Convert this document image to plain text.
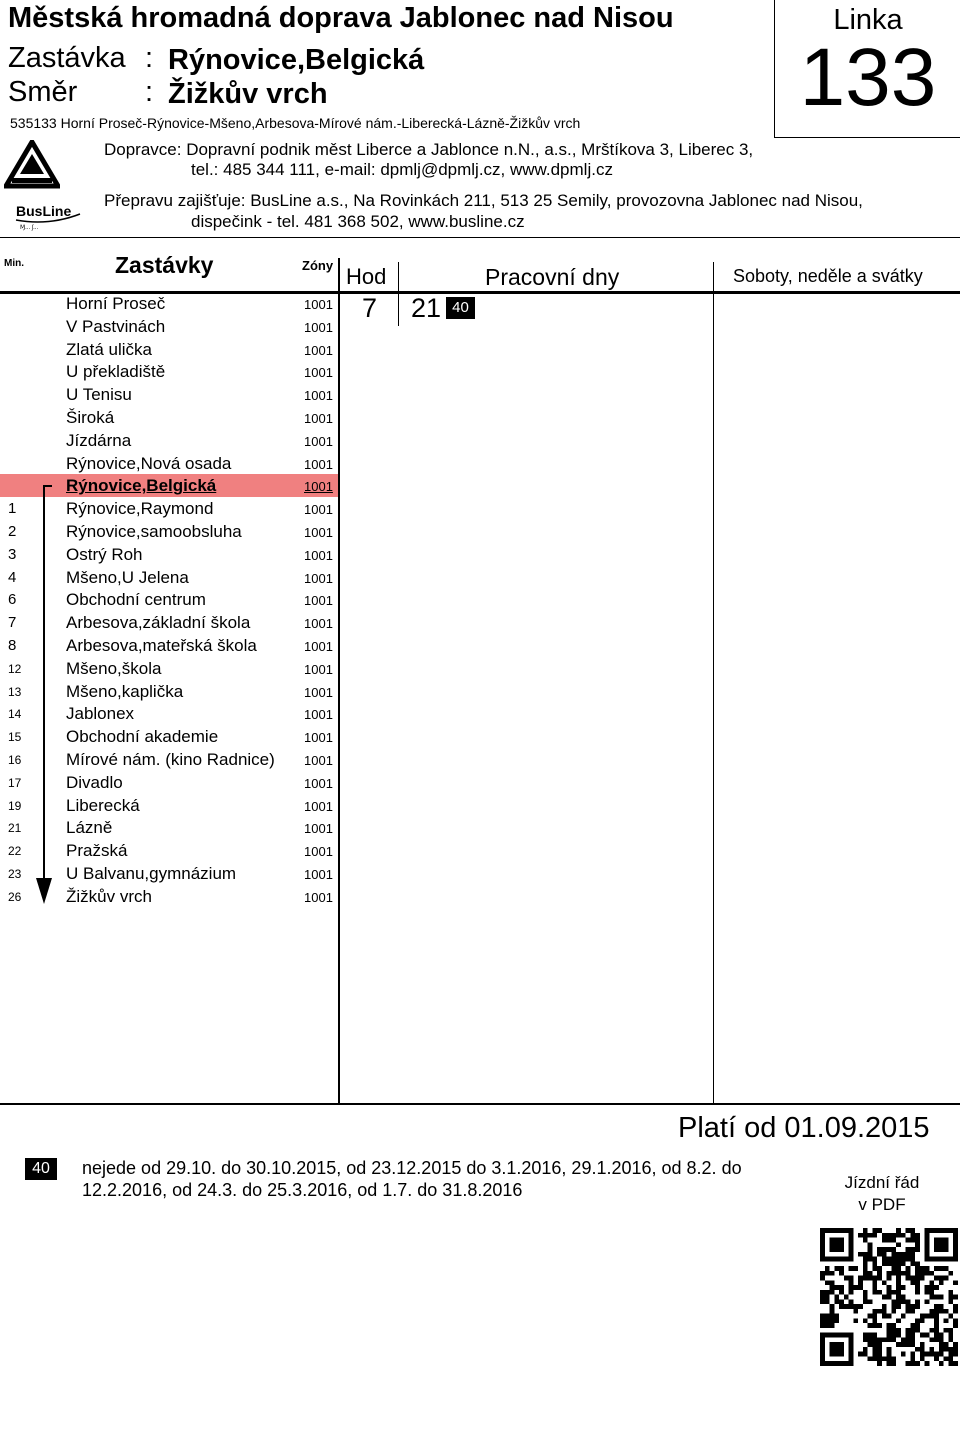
Městská hromadná doprava Jablonec nad Nisou
Zastávka : Rýnovice,Belgická
Směr : Žižkův vrch
535133 Horní Proseč-Rýnovice-Mšeno,Arbesova-Mírové nám.-Liberecká-Lázně-Žižkův vrch
Linka
133
BusLine
Ɱ... ʃ...
Dopravce: Dopravní podnik měst Liberce a Jablonce n.N., a.s., Mrštíkova 3, Liberec 3,
tel.: 485 344 111, e-mail: dpmlj@dpmlj.cz, www.dpmlj.cz
Přepravu zajišťuje: BusLine a.s., Na Rovinkách 211, 513 25 Semily, provozovna Jablonec nad Nisou,
dispečink - tel. 481 368 502, www.busline.cz
Min.	Zastávky	Zóny Hod	Pracovní dny	Soboty, neděle a svátky
Horní Proseč	1001
V Pastvinách	1001
Zlatá ulička	1001
U překladiště	1001
U Tenisu	1001
Široká	1001
Jízdárna	1001
Rýnovice,Nová osada	1001
Rýnovice,Belgická	1001
1	Rýnovice,Raymond	1001
2	Rýnovice,samoobsluha	1001
3	Ostrý Roh	1001
4	Mšeno,U Jelena	1001
6	Obchodní centrum	1001
7	Arbesova,základní škola	1001
8	Arbesova,mateřská škola	1001
12	Mšeno,škola	1001
13	Mšeno,kaplička	1001
14	Jablonex	1001
15	Obchodní akademie	1001
16	Mírové nám. (kino Radnice) 1001
17	Divadlo	1001
19	Liberecká	1001
21	Lázně	1001
22	Pražská	1001
23	U Balvanu,gymnázium	1001
26	Žižkův vrch	1001
7 21 40
Platí od 01.09.2015
40	nejede od 29.10. do 30.10.2015, od 23.12.2015 do 3.1.2016, 29.1.2016, od 8.2. do 12.2.2016, od 24.3. do 25.3.2016, od 1.7. do 31.8.2016	Jízdní řád
v PDF
